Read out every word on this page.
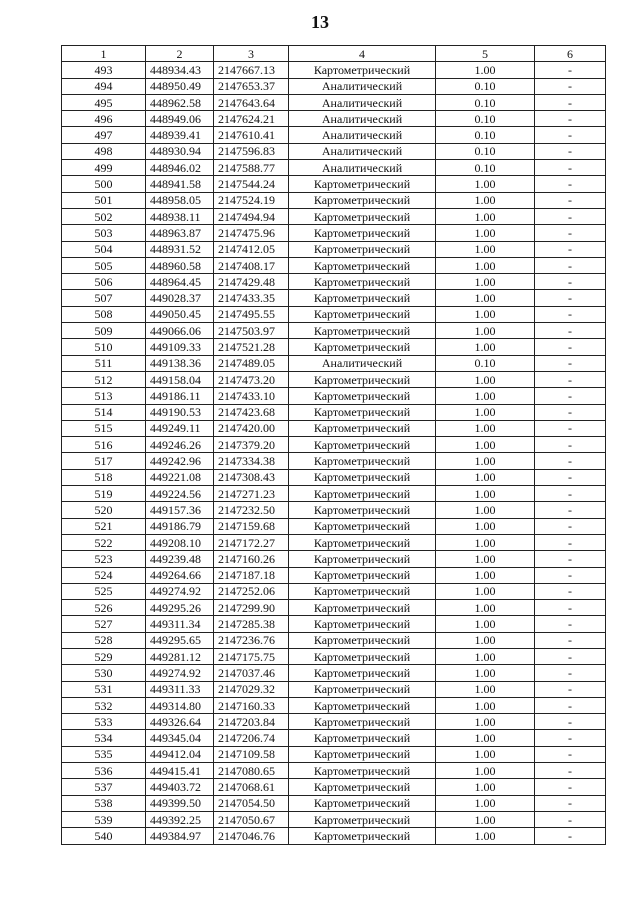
13
1	2	3	4	5	6
493	448934.43	2147667.13	Картометрический	1.00	-
494	448950.49	2147653.37	Аналитический	0.10	-
495	448962.58	2147643.64	Аналитический	0.10	-
496	448949.06	2147624.21	Аналитический	0.10	-
497	448939.41	2147610.41	Аналитический	0.10	-
498	448930.94	2147596.83	Аналитический	0.10	-
499	448946.02	2147588.77	Аналитический	0.10	-
500	448941.58	2147544.24	Картометрический	1.00	-
501	448958.05	2147524.19	Картометрический	1.00	-
502	448938.11	2147494.94	Картометрический	1.00	-
503	448963.87	2147475.96	Картометрический	1.00	-
504	448931.52	2147412.05	Картометрический	1.00	-
505	448960.58	2147408.17	Картометрический	1.00	-
506	448964.45	2147429.48	Картометрический	1.00	-
507	449028.37	2147433.35	Картометрический	1.00	-
508	449050.45	2147495.55	Картометрический	1.00	-
509	449066.06	2147503.97	Картометрический	1.00	-
510	449109.33	2147521.28	Картометрический	1.00	-
511	449138.36	2147489.05	Аналитический	0.10	-
512	449158.04	2147473.20	Картометрический	1.00	-
513	449186.11	2147433.10	Картометрический	1.00	-
514	449190.53	2147423.68	Картометрический	1.00	-
515	449249.11	2147420.00	Картометрический	1.00	-
516	449246.26	2147379.20	Картометрический	1.00	-
517	449242.96	2147334.38	Картометрический	1.00	-
518	449221.08	2147308.43	Картометрический	1.00	-
519	449224.56	2147271.23	Картометрический	1.00	-
520	449157.36	2147232.50	Картометрический	1.00	-
521	449186.79	2147159.68	Картометрический	1.00	-
522	449208.10	2147172.27	Картометрический	1.00	-
523	449239.48	2147160.26	Картометрический	1.00	-
524	449264.66	2147187.18	Картометрический	1.00	-
525	449274.92	2147252.06	Картометрический	1.00	-
526	449295.26	2147299.90	Картометрический	1.00	-
527	449311.34	2147285.38	Картометрический	1.00	-
528	449295.65	2147236.76	Картометрический	1.00	-
529	449281.12	2147175.75	Картометрический	1.00	-
530	449274.92	2147037.46	Картометрический	1.00	-
531	449311.33	2147029.32	Картометрический	1.00	-
532	449314.80	2147160.33	Картометрический	1.00	-
533	449326.64	2147203.84	Картометрический	1.00	-
534	449345.04	2147206.74	Картометрический	1.00	-
535	449412.04	2147109.58	Картометрический	1.00	-
536	449415.41	2147080.65	Картометрический	1.00	-
537	449403.72	2147068.61	Картометрический	1.00	-
538	449399.50	2147054.50	Картометрический	1.00	-
539	449392.25	2147050.67	Картометрический	1.00	-
540	449384.97	2147046.76	Картометрический	1.00	-
